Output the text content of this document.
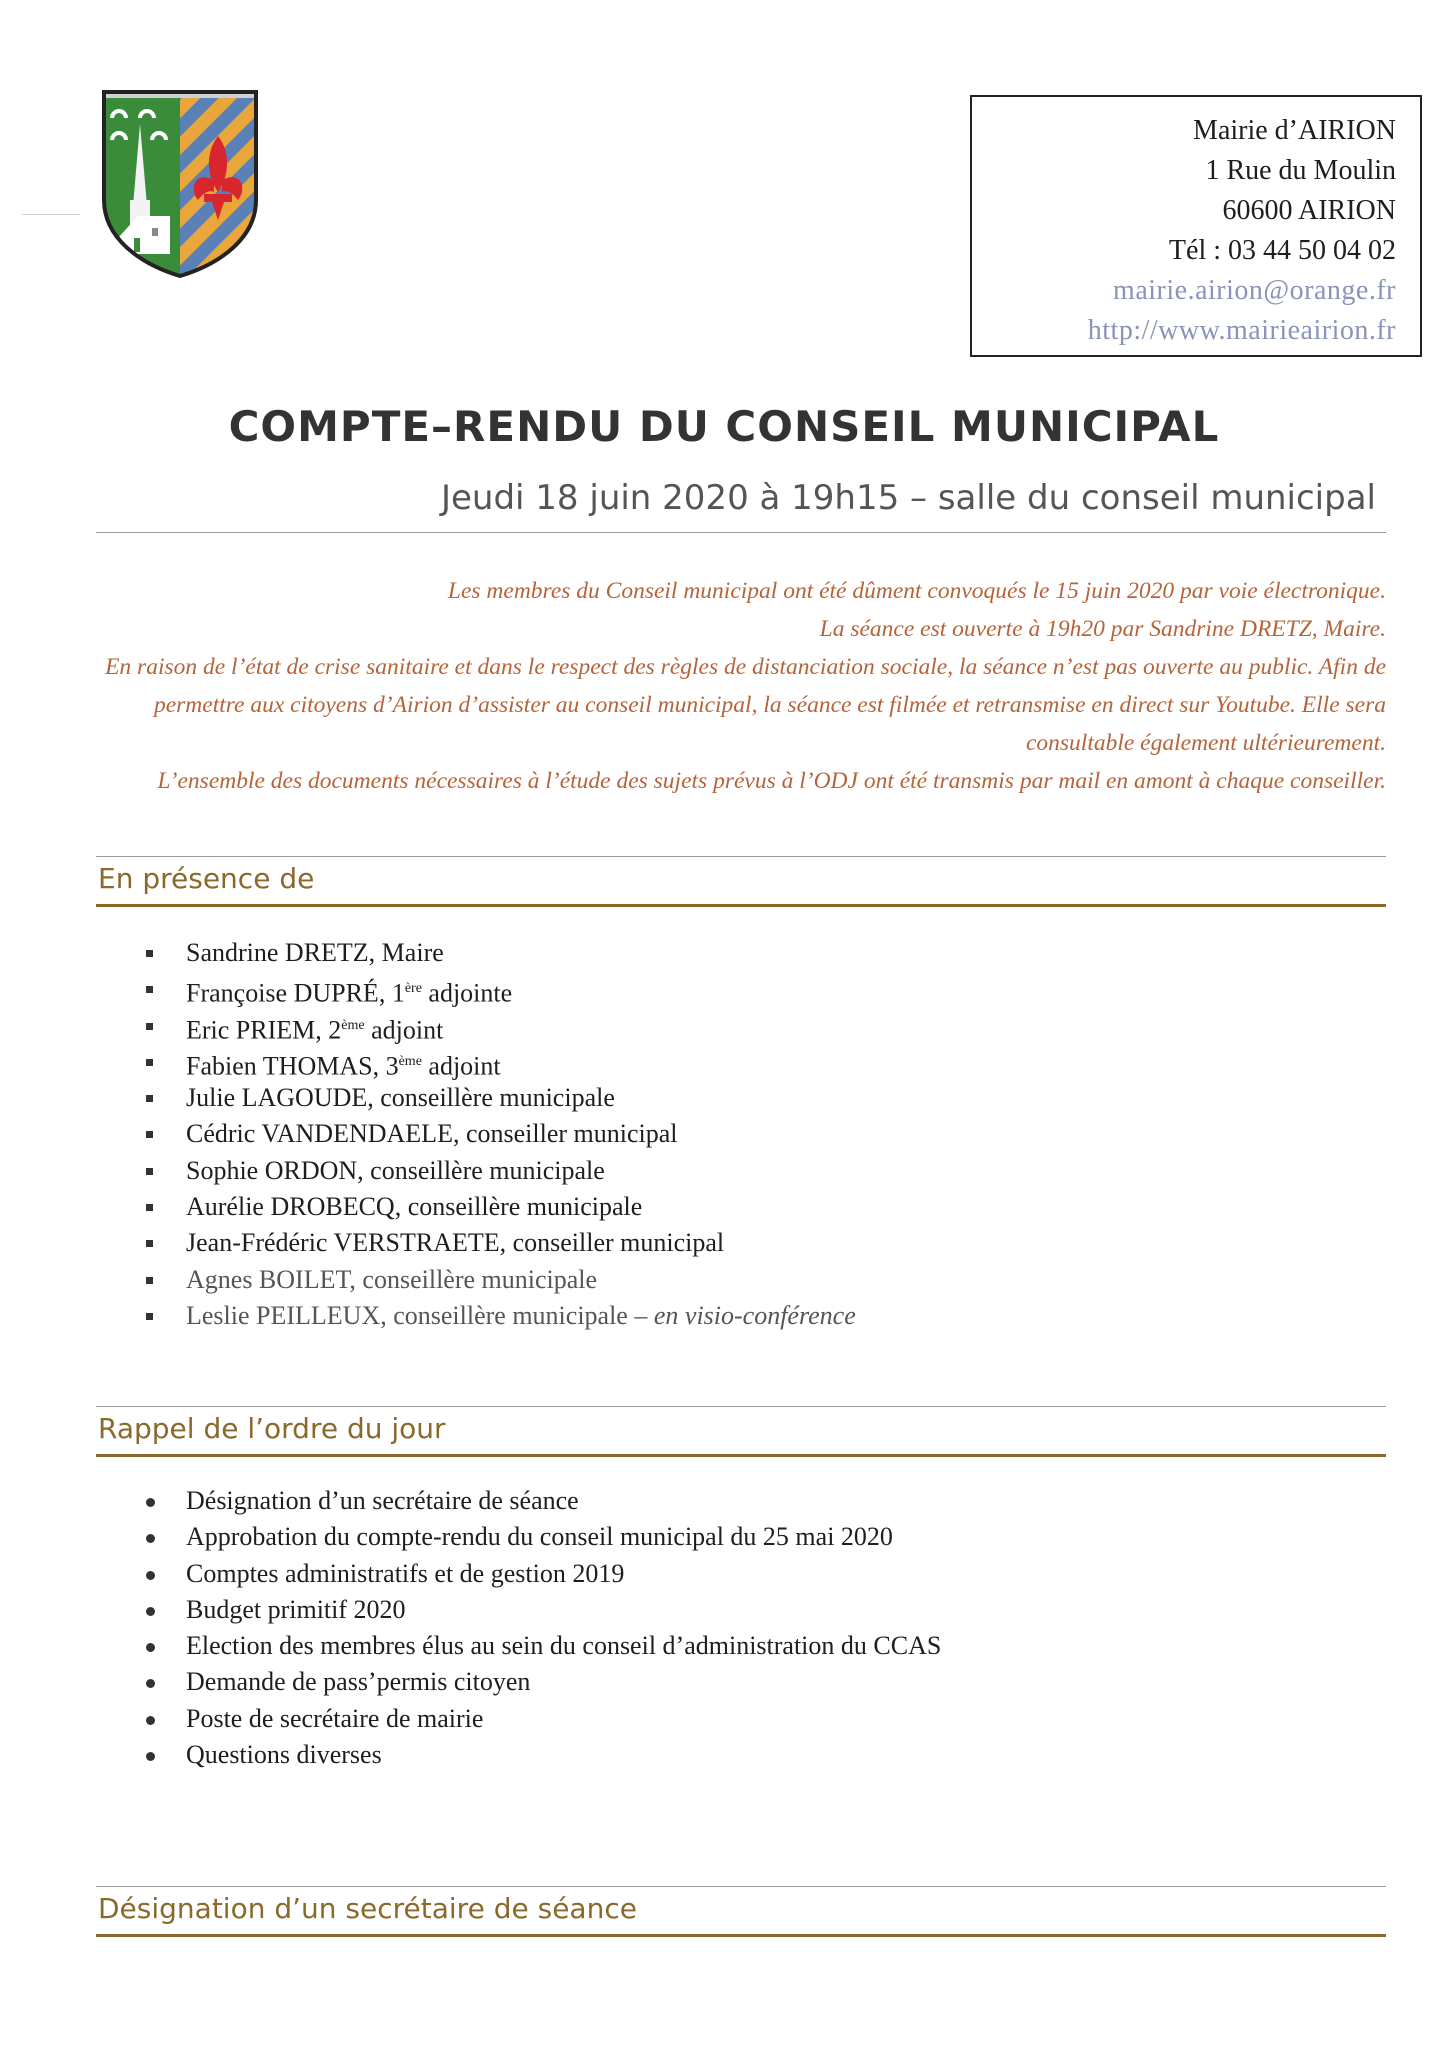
Mairie d’AIRION
1 Rue du Moulin
60600 AIRION
Tél : 03 44 50 04 02
mairie.airion@orange.fr
http://www.mairieairion.fr
COMPTE–RENDU DU CONSEIL MUNICIPAL
Jeudi 18 juin 2020 à 19h15 – salle du conseil municipal

Les membres du Conseil municipal ont été dûment convoqués le 15 juin 2020 par voie électronique.

La séance est ouverte à 19h20 par Sandrine DRETZ, Maire.

En raison de l’état de crise sanitaire et dans le respect des règles de distanciation sociale, la séance n’est pas ouverte au public. Afin de permettre aux citoyens d’Airion d’assister au conseil municipal, la séance est filmée et retransmise en direct sur Youtube. Elle sera consultable également ultérieurement.

L’ensemble des documents nécessaires à l’étude des sujets prévus à l’ODJ ont été transmis par mail en amont à chaque conseiller.

En présence de
Sandrine DRETZ, Maire
Françoise DUPRÉ, 1ère adjointe
Eric PRIEM, 2ème adjoint
Fabien THOMAS, 3ème adjoint
Julie LAGOUDE, conseillère municipale
Cédric VANDENDAELE, conseiller municipal
Sophie ORDON, conseillère municipale
Aurélie DROBECQ, conseillère municipale
Jean-Frédéric VERSTRAETE, conseiller municipal
Agnes BOILET, conseillère municipale
Leslie PEILLEUX, conseillère municipale – en visio-conférence
Rappel de l’ordre du jour
Désignation d’un secrétaire de séance
Approbation du compte-rendu du conseil municipal du 25 mai 2020
Comptes administratifs et de gestion 2019
Budget primitif 2020
Election des membres élus au sein du conseil d’administration du CCAS
Demande de pass’permis citoyen
Poste de secrétaire de mairie
Questions diverses
Désignation d’un secrétaire de séance
